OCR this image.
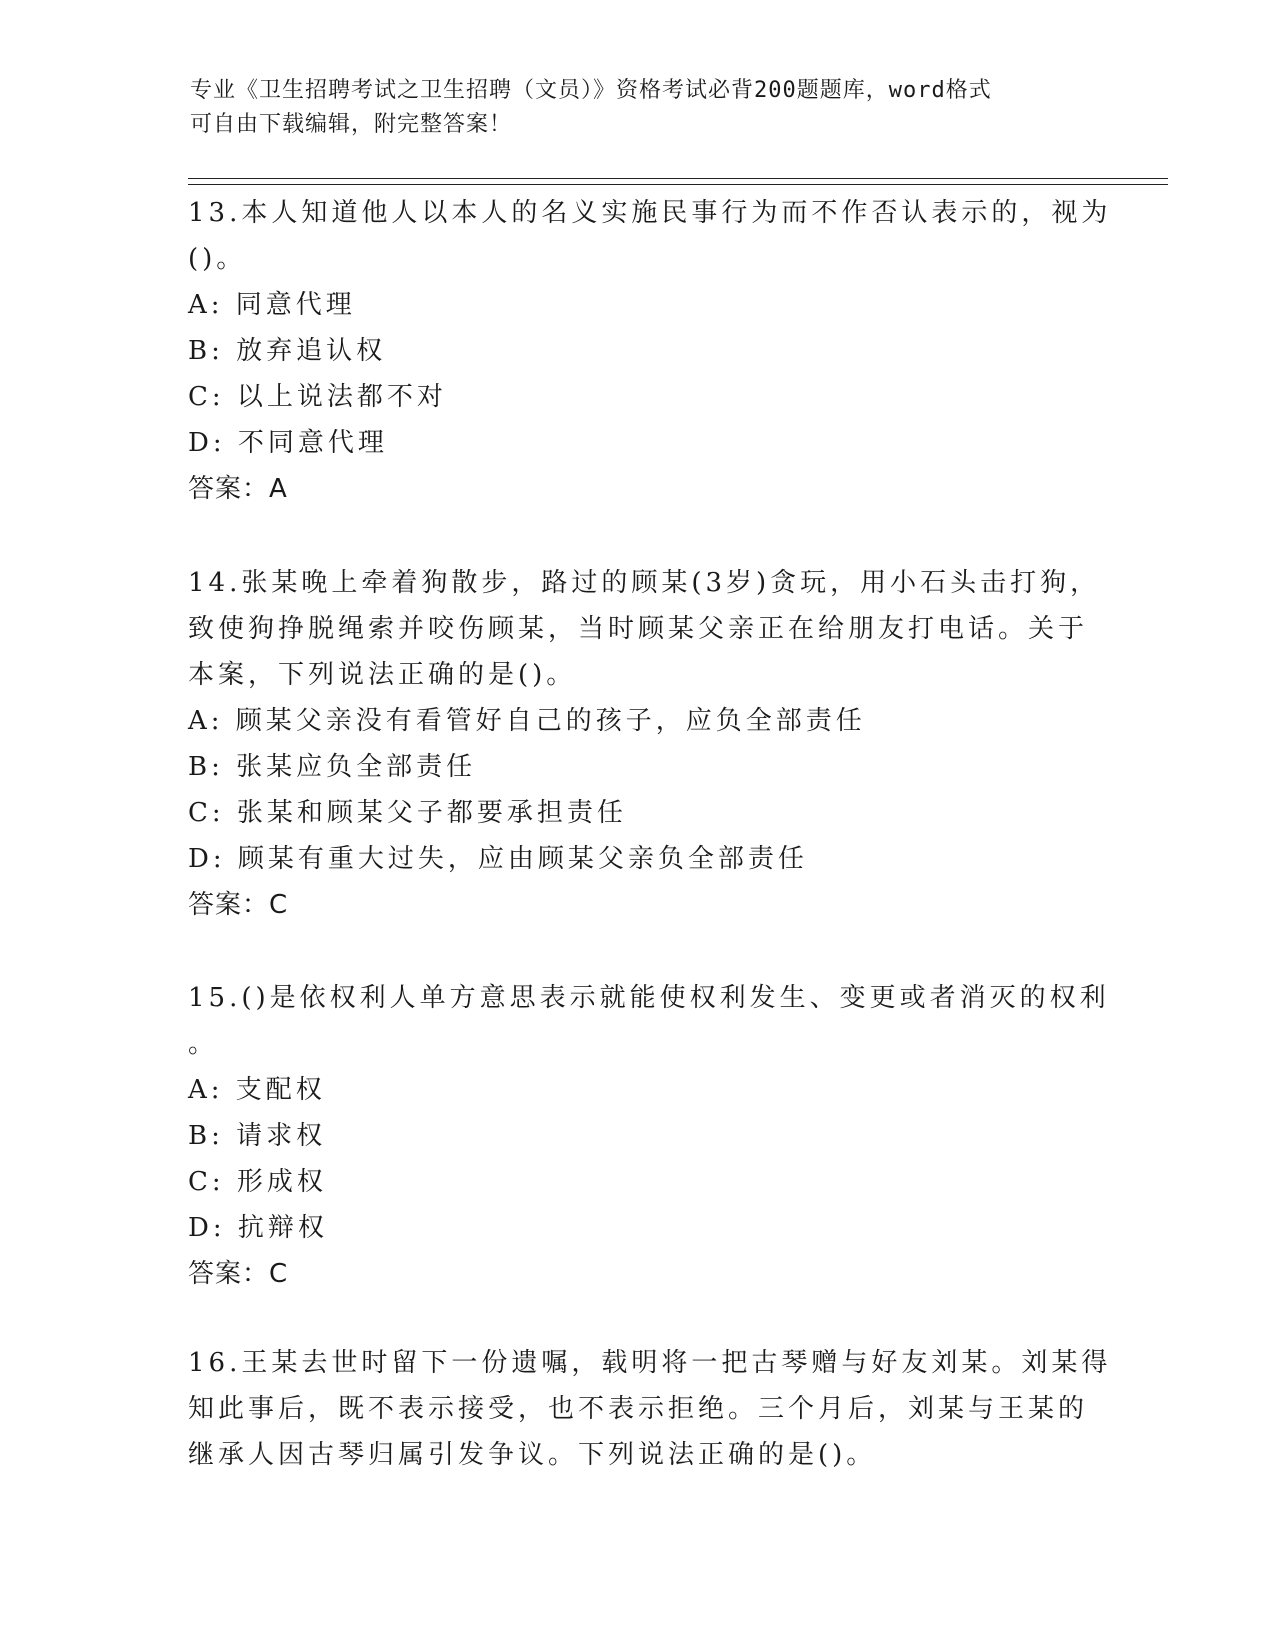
专业《卫生招聘考试之卫生招聘（文员）》资格考试必背200题题库，word格式
可自由下载编辑，附完整答案！
13.本人知道他人以本人的名义实施民事行为而不作否认表示的，视为
()。
A: 同意代理
B: 放弃追认权
C: 以上说法都不对
D: 不同意代理
答案：A
14.张某晚上牵着狗散步，路过的顾某(3岁)贪玩，用小石头击打狗，
致使狗挣脱绳索并咬伤顾某，当时顾某父亲正在给朋友打电话。关于
本案，下列说法正确的是()。
A: 顾某父亲没有看管好自己的孩子，应负全部责任
B: 张某应负全部责任
C: 张某和顾某父子都要承担责任
D: 顾某有重大过失，应由顾某父亲负全部责任
答案：C
15.()是依权利人单方意思表示就能使权利发生、变更或者消灭的权利
。
A: 支配权
B: 请求权
C: 形成权
D: 抗辩权
答案：C
16.王某去世时留下一份遗嘱，载明将一把古琴赠与好友刘某。刘某得
知此事后，既不表示接受，也不表示拒绝。三个月后，刘某与王某的
继承人因古琴归属引发争议。下列说法正确的是()。
